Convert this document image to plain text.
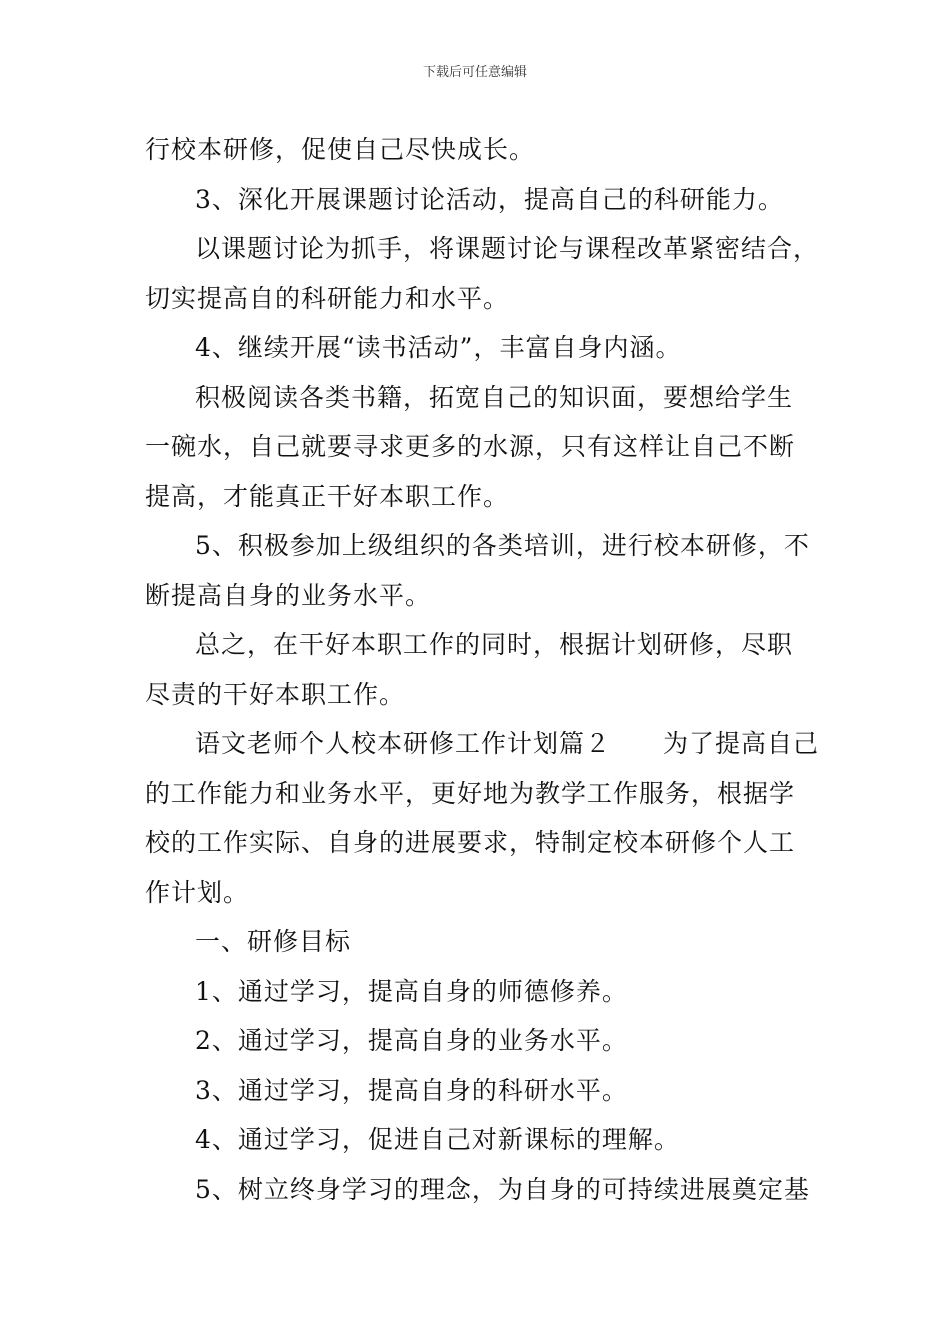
下载后可任意编辑

行校本研修，促使自己尽快成长。

3、深化开展课题讨论活动，提高自己的科研能力。

以课题讨论为抓手，将课题讨论与课程改革紧密结合，
切实提高自的科研能力和水平。

4、继续开展“读书活动”，丰富自身内涵。

积极阅读各类书籍，拓宽自己的知识面，要想给学生
一碗水，自己就要寻求更多的水源，只有这样让自己不断
提高，才能真正干好本职工作。

5、积极参加上级组织的各类培训，进行校本研修，不
断提高自身的业务水平。

总之，在干好本职工作的同时，根据计划研修，尽职
尽责的干好本职工作。

语文老师个人校本研修工作计划篇２　　为了提高自己
的工作能力和业务水平，更好地为教学工作服务，根据学
校的工作实际、自身的进展要求，特制定校本研修个人工
作计划。

一、研修目标

1、通过学习，提高自身的师德修养。

2、通过学习，提高自身的业务水平。

3、通过学习，提高自身的科研水平。

4、通过学习，促进自己对新课标的理解。

5、树立终身学习的理念，为自身的可持续进展奠定基
